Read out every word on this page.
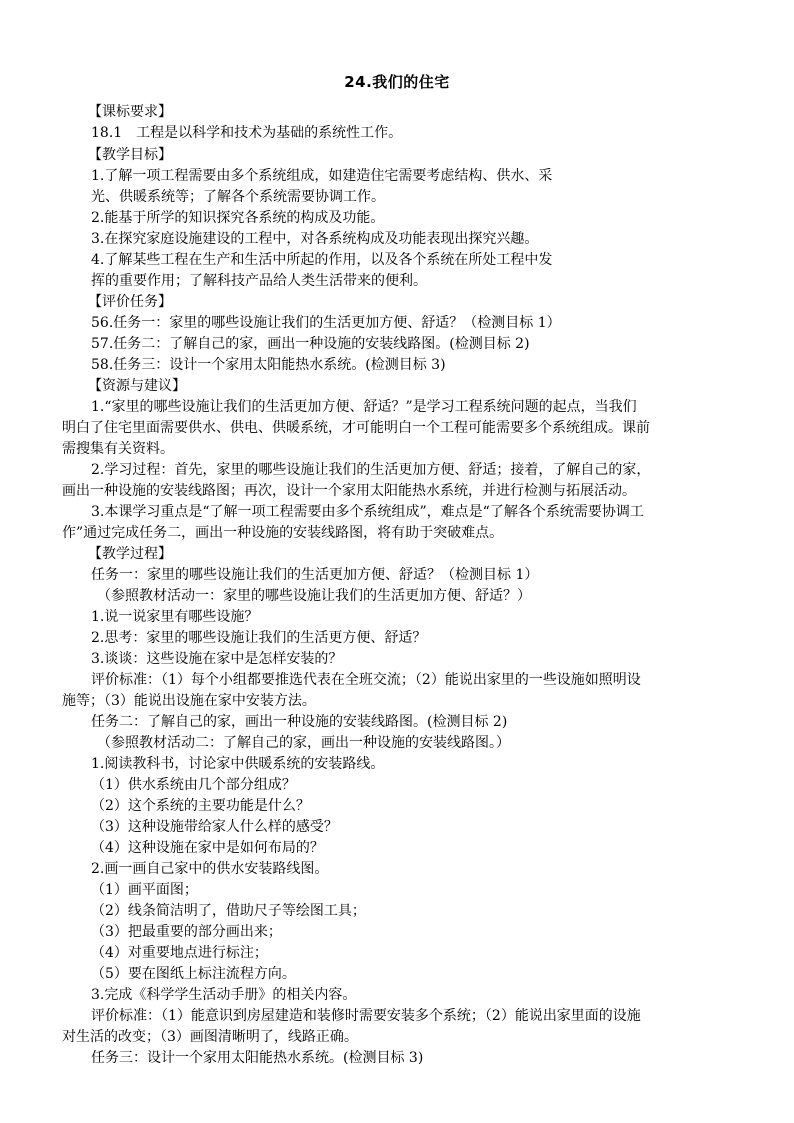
24.我们的住宅
【课标要求】
18.1　工程是以科学和技术为基础的系统性工作。
【教学目标】
1.了解一项工程需要由多个系统组成，如建造住宅需要考虑结构、供水、采
光、供暖系统等；了解各个系统需要协调工作。
2.能基于所学的知识探究各系统的构成及功能。
3.在探究家庭设施建设的工程中，对各系统构成及功能表现出探究兴趣。
4.了解某些工程在生产和生活中所起的作用，以及各个系统在所处工程中发
挥的重要作用；了解科技产品给人类生活带来的便利。
【评价任务】
56.任务一：家里的哪些设施让我们的生活更加方便、舒适？（检测目标 1）
57.任务二：了解自己的家，画出一种设施的安装线路图。(检测目标 2)
58.任务三：设计一个家用太阳能热水系统。(检测目标 3)
【资源与建议】
1.“家里的哪些设施让我们的生活更加方便、舒适？”是学习工程系统问题的起点，当我们
明白了住宅里面需要供水、供电、供暖系统，才可能明白一个工程可能需要多个系统组成。课前
需搜集有关资料。
2.学习过程：首先，家里的哪些设施让我们的生活更加方便、舒适；接着，了解自己的家，
画出一种设施的安装线路图；再次，设计一个家用太阳能热水系统，并进行检测与拓展活动。
3.本课学习重点是“了解一项工程需要由多个系统组成”，难点是“了解各个系统需要协调工
作”通过完成任务二，画出一种设施的安装线路图，将有助于突破难点。
【教学过程】
任务一：家里的哪些设施让我们的生活更加方便、舒适？（检测目标 1）
（参照教材活动一：家里的哪些设施让我们的生活更加方便、舒适？）
1.说一说家里有哪些设施？
2.思考：家里的哪些设施让我们的生活更方便、舒适？
3.谈谈：这些设施在家中是怎样安装的？
评价标准：（1）每个小组都要推选代表在全班交流；（2）能说出家里的一些设施如照明设
施等；（3）能说出设施在家中安装方法。
任务二：了解自己的家，画出一种设施的安装线路图。(检测目标 2)
（参照教材活动二：了解自己的家，画出一种设施的安装线路图。）
1.阅读教科书，讨论家中供暖系统的安装路线。
（1）供水系统由几个部分组成？
（2）这个系统的主要功能是什么？
（3）这种设施带给家人什么样的感受？
（4）这种设施在家中是如何布局的？
2.画一画自己家中的供水安装路线图。
（1）画平面图；
（2）线条简洁明了，借助尺子等绘图工具；
（3）把最重要的部分画出来；
（4）对重要地点进行标注；
（5）要在图纸上标注流程方向。
3.完成《科学学生活动手册》的相关内容。
评价标准：（1）能意识到房屋建造和装修时需要安装多个系统；（2）能说出家里面的设施
对生活的改变；（3）画图清晰明了，线路正确。
任务三：设计一个家用太阳能热水系统。(检测目标 3)
